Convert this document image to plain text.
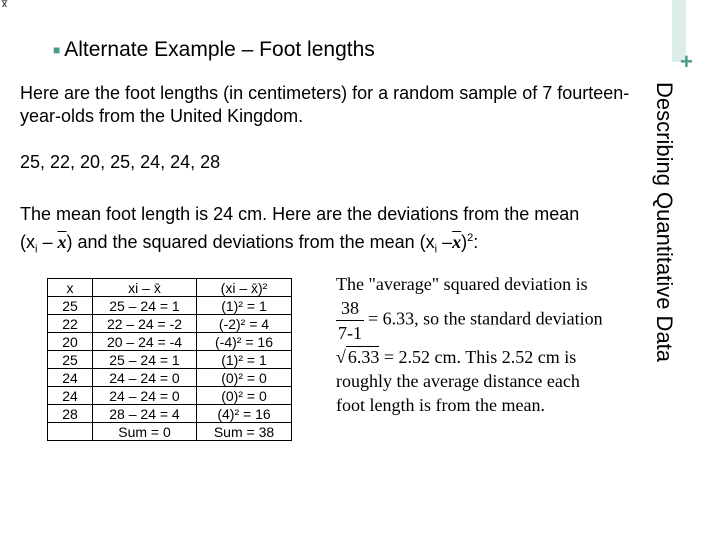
x̅
+
Describing Quantitative Data
■ Alternate Example – Foot lengths
Here are the foot lengths (in centimeters) for a random sample of 7 fourteen-year-olds from the United Kingdom.
25, 22, 20, 25, 24, 24, 28
The mean foot length is 24 cm. Here are the deviations from the mean
$(x_i - \overline{x})$ and the squared deviations from the mean ($x_i$ $-\overline{x})^2$:
x	xi – x̄	(xi – x̄)²
25	25 – 24 = 1	(1)² = 1
22	22 – 24 = -2	(-2)² = 4
20	20 – 24 = -4	(-4)² = 16
25	25 – 24 = 1	(1)² = 1
24	24 – 24 = 0	(0)² = 0
24	24 – 24 = 0	(0)² = 0
28	28 – 24 = 4	(4)² = 16
	Sum = 0	Sum = 38
The "average" squared deviation is
$\frac{38}{7-1} = 6.33$, so the standard deviation
√ 6.33 = 2.52 cm. This 2.52 cm is
roughly the average distance each
foot length is from the mean.
